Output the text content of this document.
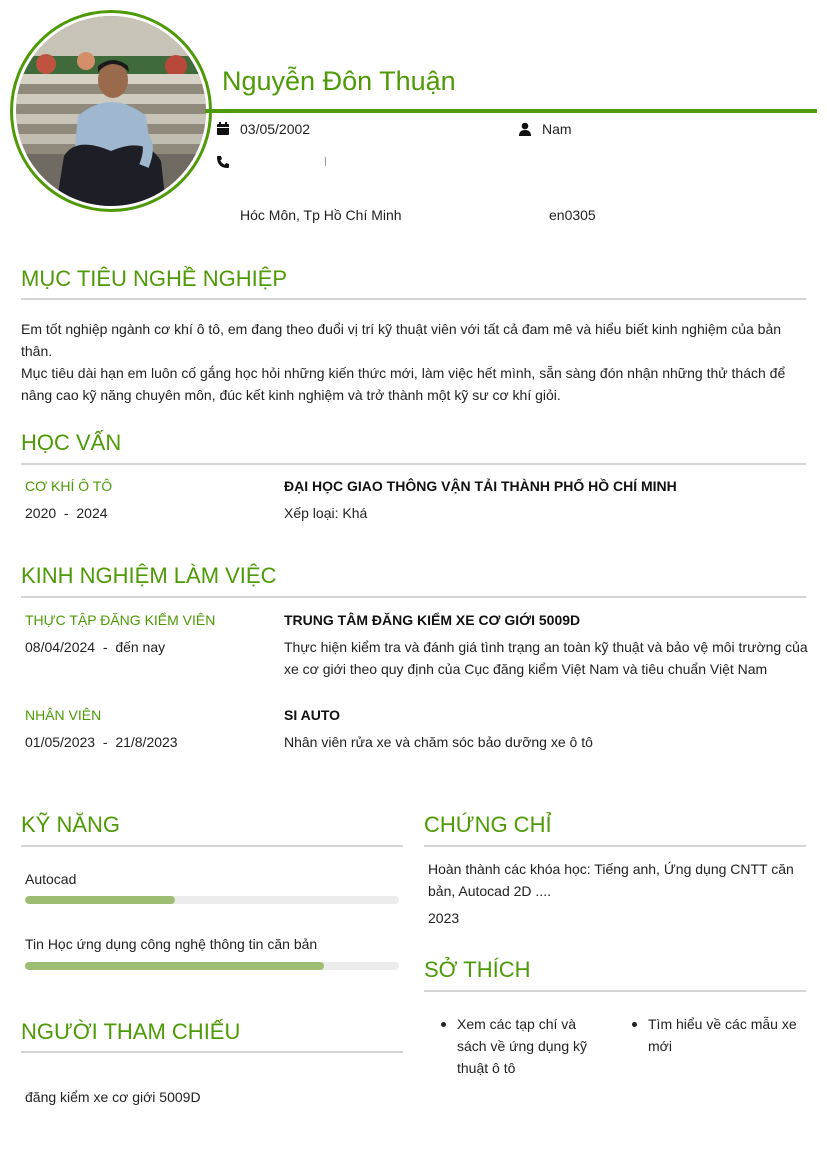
Nguyễn Đôn Thuận
03/05/2002	Nam
Hóc Môn, Tp Hồ Chí Minh	en0305
MỤC TIÊU NGHỀ NGHIỆP
Em tốt nghiệp ngành cơ khí ô tô, em đang theo đuổi vị trí kỹ thuật viên với tất cả đam mê và hiểu biết kinh nghiệm của bản thân.
Mục tiêu dài hạn em luôn cố gắng học hỏi những kiến thức mới, làm việc hết mình, sẵn sàng đón nhận những thử thách để nâng cao kỹ năng chuyên môn, đúc kết kinh nghiệm và trở thành một kỹ sư cơ khí giỏi.
HỌC VẤN
CƠ KHÍ Ô TÔ
2020  -  2024
ĐẠI HỌC GIAO THÔNG VẬN TẢI THÀNH PHỐ HỒ CHÍ MINH
Xếp loại: Khá
KINH NGHIỆM LÀM VIỆC
THỰC TẬP ĐĂNG KIỂM VIÊN
08/04/2024  -  đến nay
TRUNG TÂM ĐĂNG KIỂM XE CƠ GIỚI 5009D
Thực hiện kiểm tra và đánh giá tình trạng an toàn kỹ thuật và bảo vệ môi trường của xe cơ giới theo quy định của Cục đăng kiểm Việt Nam và tiêu chuẩn Việt Nam
NHÂN VIÊN
01/05/2023  -  21/8/2023
SI AUTO
Nhân viên rửa xe và chăm sóc bảo dưỡng xe ô tô
KỸ NĂNG
Autocad
Tin Học ứng dụng công nghệ thông tin căn bản
NGƯỜI THAM CHIẾU
đăng kiểm xe cơ giới 5009D
CHỨNG CHỈ
Hoàn thành các khóa học: Tiếng anh, Ứng dụng CNTT căn bản, Autocad 2D ....
2023
SỞ THÍCH
Xem các tạp chí và sách về ứng dụng kỹ thuật ô tô
Tìm hiểu về các mẫu xe mới
